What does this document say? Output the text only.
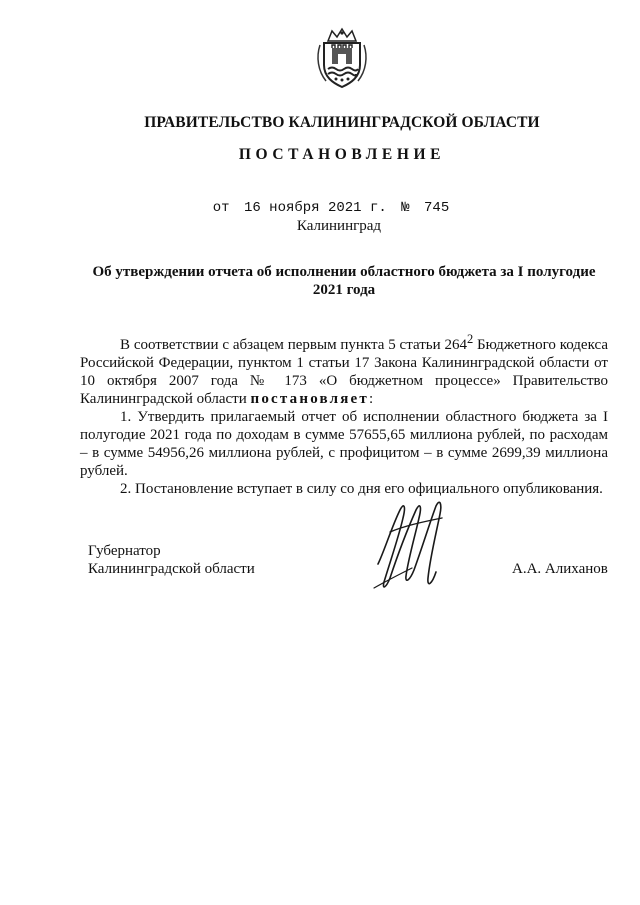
ПРАВИТЕЛЬСТВО КАЛИНИНГРАДСКОЙ ОБЛАСТИ
ПОСТАНОВЛЕНИЕ
от 16 ноября 2021 г. № 745
Калининград
Об утверждении отчета об исполнении областного бюджета за I полугодие
2021 года

В соответствии с абзацем первым пункта 5 статьи $264^2$ Бюджетного кодекса Российской Федерации, пунктом 1 статьи 17 Закона Калининградской области от 10 октября 2007 года № 173 «О бюджетном процессе» Правительство Калининградской области постановляет:

1. Утвердить прилагаемый отчет об исполнении областного бюджета за I полугодие 2021 года по доходам в сумме 57655,65 миллиона рублей, по расходам – в сумме 54956,26 миллиона рублей, с профицитом – в сумме 2699,39 миллиона рублей.

2. Постановление вступает в силу со дня его официального опубликования.

Губернатор
Калининградской области	А.А. Алиханов
